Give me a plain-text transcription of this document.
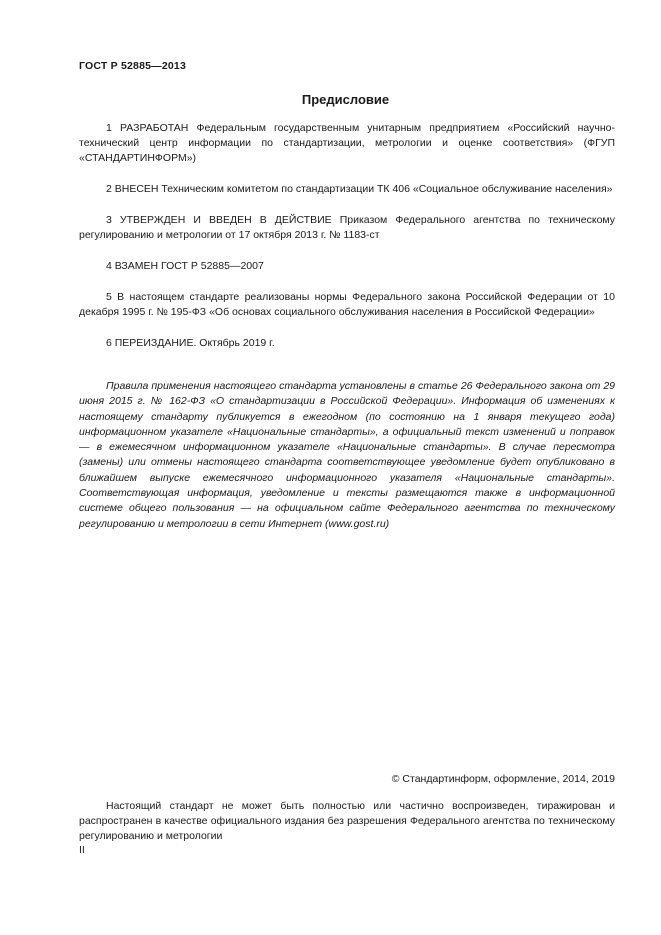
ГОСТ Р 52885—2013
Предисловие

1 РАЗРАБОТАН Федеральным государственным унитарным предприятием «Российский научно-технический центр информации по стандартизации, метрологии и оценке соответствия» (ФГУП «СТАНДАРТИНФОРМ»)

2 ВНЕСЕН Техническим комитетом по стандартизации ТК 406 «Социальное обслуживание населения»

3 УТВЕРЖДЕН И ВВЕДЕН В ДЕЙСТВИЕ Приказом Федерального агентства по техническому регулированию и метрологии от 17 октября 2013 г. № 1183-ст

4 ВЗАМЕН ГОСТ Р 52885—2007

5 В настоящем стандарте реализованы нормы Федерального закона Российской Федерации от 10 декабря 1995 г. № 195-ФЗ «Об основах социального обслуживания населения в Российской Федерации»

6 ПЕРЕИЗДАНИЕ. Октябрь 2019 г.

Правила применения настоящего стандарта установлены в статье 26 Федерального закона от 29 июня 2015 г. № 162-ФЗ «О стандартизации в Российской Федерации». Информация об изменениях к настоящему стандарту публикуется в ежегодном (по состоянию на 1 января текущего года) информационном указателе «Национальные стандарты», а официальный текст изменений и поправок — в ежемесячном информационном указателе «Национальные стандарты». В случае пересмотра (замены) или отмены настоящего стандарта соответствующее уведомление будет опубликовано в ближайшем выпуске ежемесячного информационного указателя «Национальные стандарты». Соответствующая информация, уведомление и тексты размещаются также в информационной системе общего пользования — на официальном сайте Федерального агентства по техническому регулированию и метрологии в сети Интернет (www.gost.ru)

© Стандартинформ, оформление, 2014, 2019

Настоящий стандарт не может быть полностью или частично воспроизведен, тиражирован и распространен в качестве официального издания без разрешения Федерального агентства по техническому регулированию и метрологии

II
